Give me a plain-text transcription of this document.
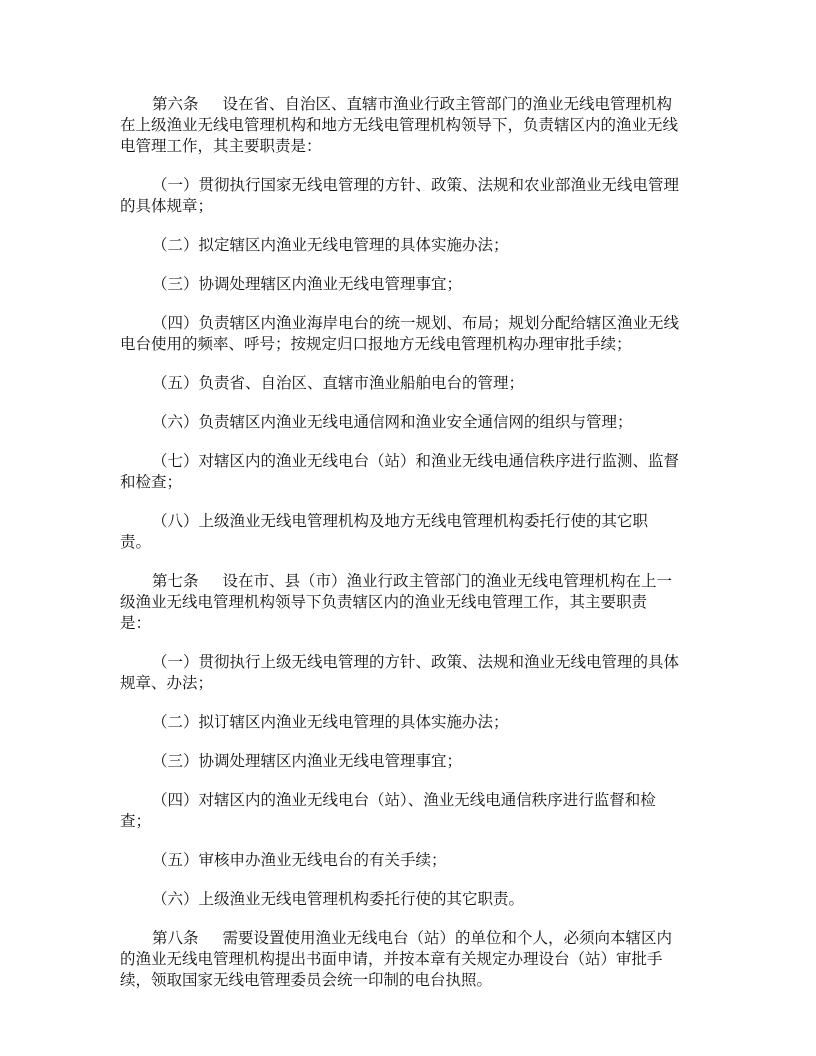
第六条 设在省、自治区、直辖市渔业行政主管部门的渔业无线电管理机构
在上级渔业无线电管理机构和地方无线电管理机构领导下，负责辖区内的渔业无线
电管理工作，其主要职责是：
（一）贯彻执行国家无线电管理的方针、政策、法规和农业部渔业无线电管理
的具体规章；
（二）拟定辖区内渔业无线电管理的具体实施办法；
（三）协调处理辖区内渔业无线电管理事宜；
（四）负责辖区内渔业海岸电台的统一规划、布局；规划分配给辖区渔业无线
电台使用的频率、呼号；按规定归口报地方无线电管理机构办理审批手续；
（五）负责省、自治区、直辖市渔业船舶电台的管理；
（六）负责辖区内渔业无线电通信网和渔业安全通信网的组织与管理；
（七）对辖区内的渔业无线电台（站）和渔业无线电通信秩序进行监测、监督
和检查；
（八）上级渔业无线电管理机构及地方无线电管理机构委托行使的其它职
责。
第七条 设在市、县（市）渔业行政主管部门的渔业无线电管理机构在上一
级渔业无线电管理机构领导下负责辖区内的渔业无线电管理工作，其主要职责
是：
（一）贯彻执行上级无线电管理的方针、政策、法规和渔业无线电管理的具体
规章、办法；
（二）拟订辖区内渔业无线电管理的具体实施办法；
（三）协调处理辖区内渔业无线电管理事宜；
（四）对辖区内的渔业无线电台（站）、渔业无线电通信秩序进行监督和检
查；
（五）审核申办渔业无线电台的有关手续；
（六）上级渔业无线电管理机构委托行使的其它职责。
第八条 需要设置使用渔业无线电台（站）的单位和个人，必须向本辖区内
的渔业无线电管理机构提出书面申请，并按本章有关规定办理设台（站）审批手
续，领取国家无线电管理委员会统一印制的电台执照。
